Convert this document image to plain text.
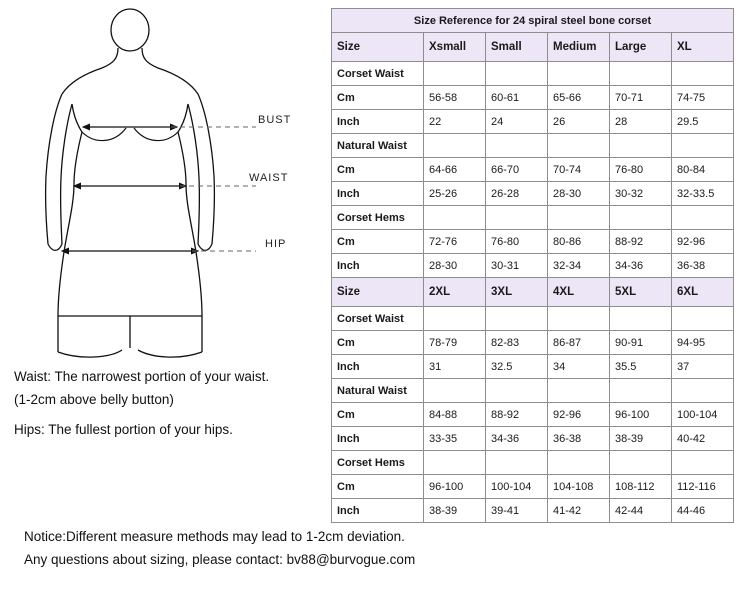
BUST
WAIST
HIP
Waist: The narrowest portion of your waist.
(1-2cm above belly button)
Hips: The fullest portion of your hips.
Notice:Different measure methods may lead to 1-2cm deviation.
Any questions about sizing, please contact: bv88@burvogue.com
Size Reference for 24 spiral steel bone corset					
Size	Xsmall	Small	Medium	Large	XL
Corset Waist					
Cm	56-58	60-61	65-66	70-71	74-75
Inch	22	24	26	28	29.5
Natural Waist					
Cm	64-66	66-70	70-74	76-80	80-84
Inch	25-26	26-28	28-30	30-32	32-33.5
Corset Hems					
Cm	72-76	76-80	80-86	88-92	92-96
Inch	28-30	30-31	32-34	34-36	36-38
Size	2XL	3XL	4XL	5XL	6XL
Corset Waist					
Cm	78-79	82-83	86-87	90-91	94-95
Inch	31	32.5	34	35.5	37
Natural Waist					
Cm	84-88	88-92	92-96	96-100	100-104
Inch	33-35	34-36	36-38	38-39	40-42
Corset Hems					
Cm	96-100	100-104	104-108	108-112	112-116
Inch	38-39	39-41	41-42	42-44	44-46
